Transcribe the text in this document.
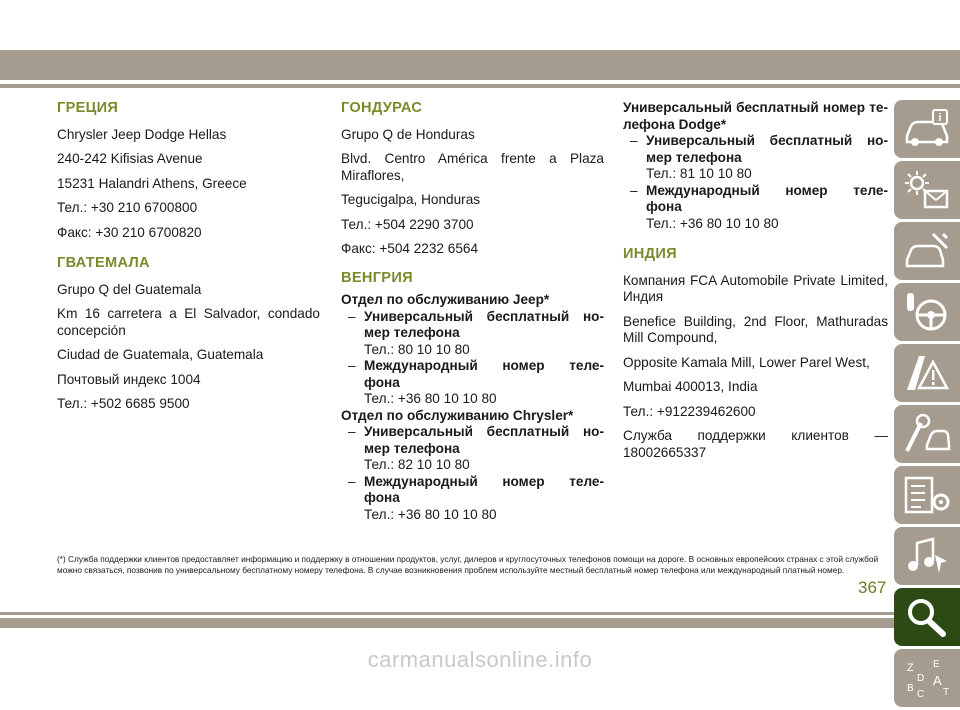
ГРЕЦИЯ

Chrysler Jeep Dodge Hellas

240-242 Kifisias Avenue

15231 Halandri Athens, Greece

Тел.: +30 210 6700800

Факс: +30 210 6700820

ГВАТЕМАЛА

Grupo Q del Guatemala

Km 16 carretera a El Salvador, condado concepción

Ciudad de Guatemala, Guatemala

Почтовый индекс 1004

Тел.: +502 6685 9500

ГОНДУРАС

Grupo Q de Honduras

Blvd. Centro América frente a Plaza Miraflores,

Tegucigalpa, Honduras

Тел.: +504 2290 3700

Факс: +504 2232 6564

ВЕНГРИЯ

Отдел по обслуживанию Jeep*

– Универсальный бесплатный но-
мер телефона
Тел.: 80 10 10 80
– Международный номер теле-
фона
Тел.: +36 80 10 10 80

Отдел по обслуживанию Chrysler*

– Универсальный бесплатный но-
мер телефона
Тел.: 82 10 10 80
– Международный номер теле-
фона
Тел.: +36 80 10 10 80

Универсальный бесплатный номер те-

лефона Dodge*

– Универсальный бесплатный но-
мер телефона
Тел.: 81 10 10 80
– Международный номер теле-
фона
Тел.: +36 80 10 10 80
ИНДИЯ

Компания FCA Automobile Private Limited, Индия

Benefice Building, 2nd Floor, Mathuradas Mill Compound,

Opposite Kamala Mill, Lower Parel West,

Mumbai 400013, India

Тел.: +912239462600

Служба поддержки клиентов — 18002665337

(*) Служба поддержки клиентов предоставляет информацию и поддержку в отношении продуктов, услуг, дилеров и круглосуточных телефонов помощи на дороге. В основных европейских странах с этой службой можно связаться, позвонив по универсальному бесплатному номеру телефона. В случае возникновения проблем используйте местный бесплатный номер телефона или международный платный номер.
367
carmanualsonline.info
i
Z E
D A
B
C T
